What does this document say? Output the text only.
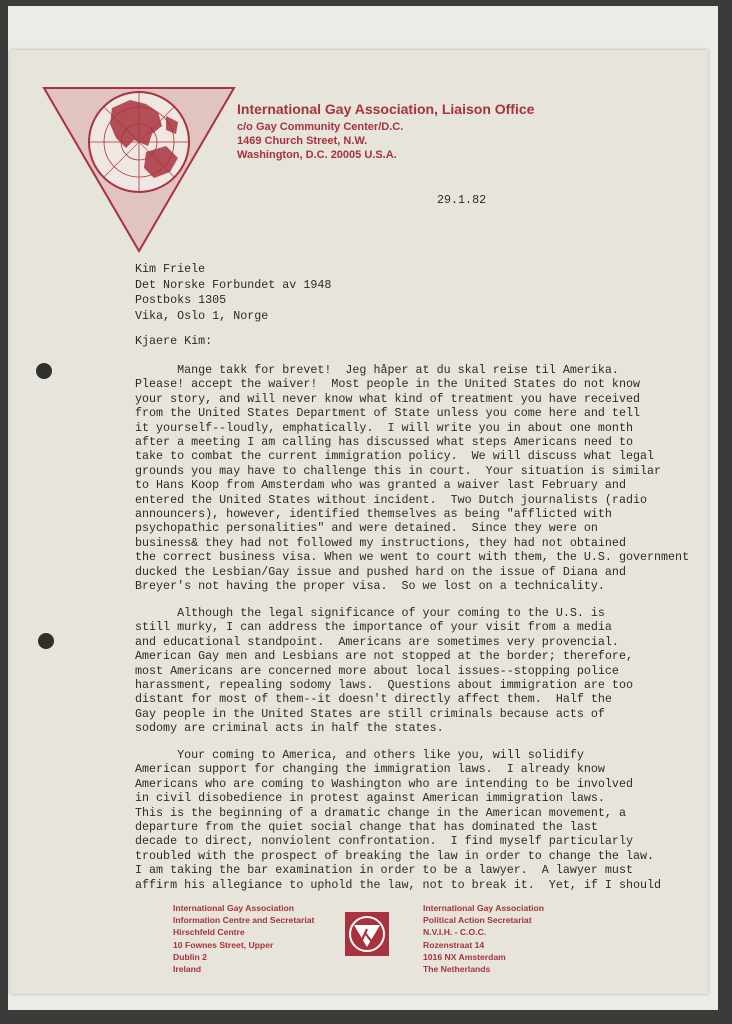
International Gay Association, Liaison Office
c/o Gay Community Center/D.C.
1469 Church Street, N.W.
Washington, D.C. 20005 U.S.A.
29.1.82
Kim Friele
Det Norske Forbundet av 1948
Postboks 1305
Vika, Oslo 1, Norge
Kjaere Kim:
Mange takk for brevet!  Jeg håper at du skal reise til Amerika.
Please! accept the waiver!  Most people in the United States do not know
your story, and will never know what kind of treatment you have received
from the United States Department of State unless you come here and tell
it yourself--loudly, emphatically.  I will write you in about one month
after a meeting I am calling has discussed what steps Americans need to
take to combat the current immigration policy.  We will discuss what legal
grounds you may have to challenge this in court.  Your situation is similar
to Hans Koop from Amsterdam who was granted a waiver last February and
entered the United States without incident.  Two Dutch journalists (radio
announcers), however, identified themselves as being "afflicted with
psychopathic personalities" and were detained.  Since they were on
business& they had not followed my instructions, they had not obtained
the correct business visa. When we went to court with them, the U.S. government
ducked the Lesbian/Gay issue and pushed hard on the issue of Diana and
Breyer's not having the proper visa.  So we lost on a technicality.
Although the legal significance of your coming to the U.S. is
still murky, I can address the importance of your visit from a media
and educational standpoint.  Americans are sometimes very provencial.
American Gay men and Lesbians are not stopped at the border; therefore,
most Americans are concerned more about local issues--stopping police
harassment, repealing sodomy laws.  Questions about immigration are too
distant for most of them--it doesn't directly affect them.  Half the
Gay people in the United States are still criminals because acts of
sodomy are criminal acts in half the states.
Your coming to America, and others like you, will solidify
American support for changing the immigration laws.  I already know
Americans who are coming to Washington who are intending to be involved
in civil disobedience in protest against American immigration laws.
This is the beginning of a dramatic change in the American movement, a
departure from the quiet social change that has dominated the last
decade to direct, nonviolent confrontation.  I find myself particularly
troubled with the prospect of breaking the law in order to change the law.
I am taking the bar examination in order to be a lawyer.  A lawyer must
affirm his allegiance to uphold the law, not to break it.  Yet, if I should
International Gay Association
Information Centre and Secretariat
Hirschfeld Centre
10 Fownes Street, Upper
Dublin 2
Ireland
International Gay Association
Political Action Secretariat
N.V.I.H. - C.O.C.
Rozenstraat 14
1016 NX Amsterdam
The Netherlands
